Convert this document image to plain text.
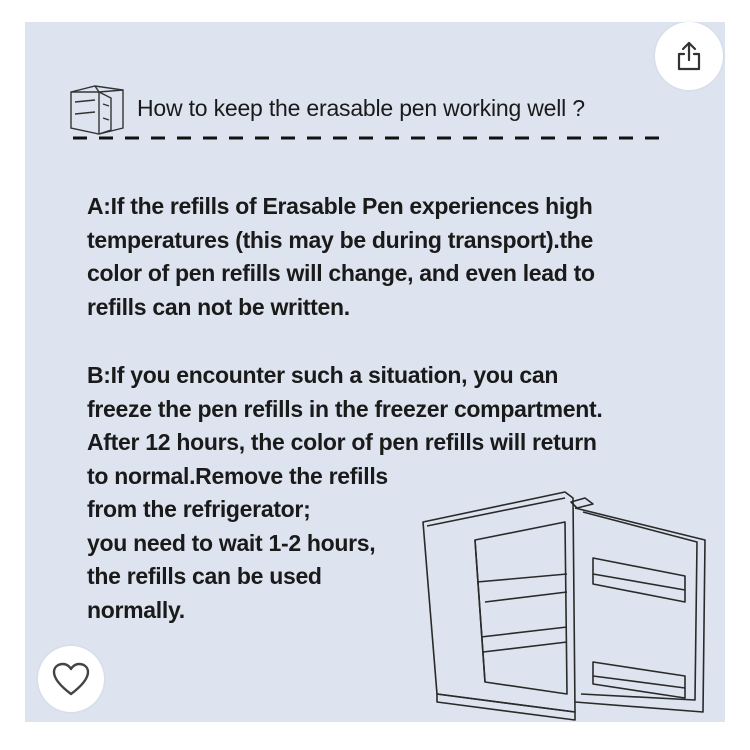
How to keep the erasable pen working well ?
A:If the refills of Erasable Pen experiences high
temperatures (this may be during transport).the
color of pen refills will change, and even lead to
refills can not be written.
B:If you encounter such a situation, you can
freeze the pen refills in the freezer compartment.
After 12 hours, the color of pen refills will return
to normal.Remove the refills
from the refrigerator;
you need to wait 1-2 hours,
the refills can be used
normally.
